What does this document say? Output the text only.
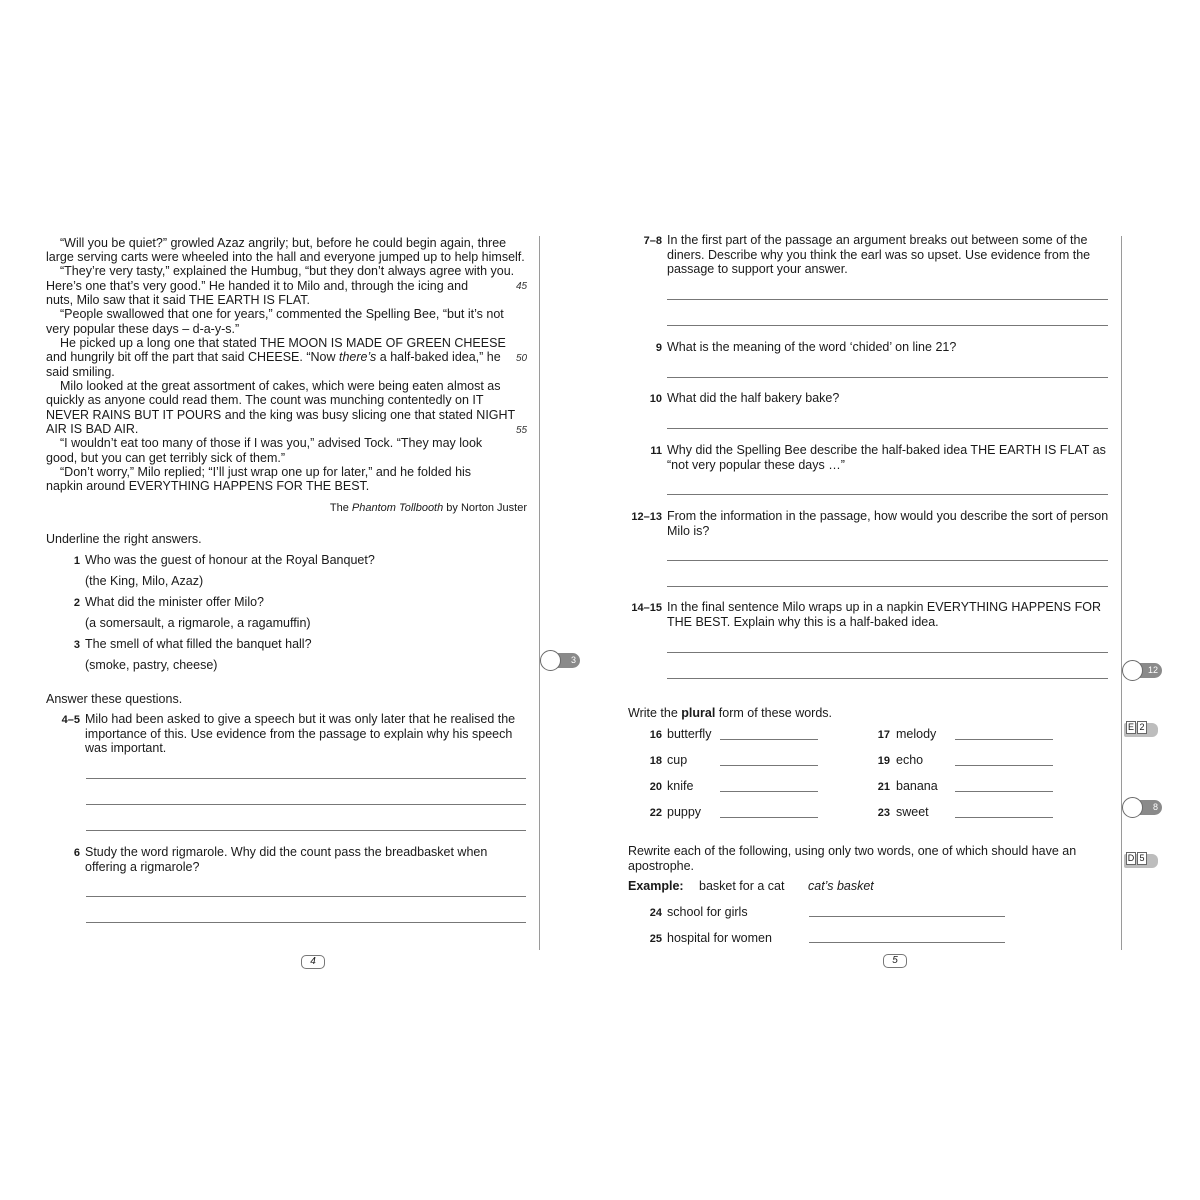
“Will you be quiet?” growled Azaz angrily; but, before he could begin again, three
large serving carts were wheeled into the hall and everyone jumped up to help himself.
“They’re very tasty,” explained the Humbug, “but they don’t always agree with you.
Here’s one that’s very good.” He handed it to Milo and, through the icing and
nuts, Milo saw that it said THE EARTH IS FLAT.
“People swallowed that one for years,” commented the Spelling Bee, “but it’s not
very popular these days – d-a-y-s.”
He picked up a long one that stated THE MOON IS MADE OF GREEN CHEESE
and hungrily bit off the part that said CHEESE. “Now there’s a half-baked idea,” he
said smiling.
Milo looked at the great assortment of cakes, which were being eaten almost as
quickly as anyone could read them. The count was munching contentedly on IT
NEVER RAINS BUT IT POURS and the king was busy slicing one that stated NIGHT
AIR IS BAD AIR.
“I wouldn’t eat too many of those if I was you,” advised Tock. “They may look
good, but you can get terribly sick of them.”
“Don’t worry,” Milo replied; “I’ll just wrap one up for later,” and he folded his
napkin around EVERYTHING HAPPENS FOR THE BEST.
45
50
55
The Phantom Tollbooth by Norton Juster
Underline the right answers.
1 Who was the guest of honour at the Royal Banquet?
(the King, Milo, Azaz)
2 What did the minister offer Milo?
(a somersault, a rigmarole, a ragamuffin)
3 The smell of what filled the banquet hall?
(smoke, pastry, cheese)
Answer these questions.
4–5 Milo had been asked to give a speech but it was only later that he realised the
importance of this. Use evidence from the passage to explain why his speech
was important.
6 Study the word rigmarole. Why did the count pass the breadbasket when
offering a rigmarole?
4
3
7–8 In the first part of the passage an argument breaks out between some of the
diners. Describe why you think the earl was so upset. Use evidence from the
passage to support your answer.
9 What is the meaning of the word ‘chided’ on line 21?
10 What did the half bakery bake?
11 Why did the Spelling Bee describe the half-baked idea THE EARTH IS FLAT as
“not very popular these days …”
12–13 From the information in the passage, how would you describe the sort of person
Milo is?
14–15 In the final sentence Milo wraps up in a napkin EVERYTHING HAPPENS FOR
THE BEST. Explain why this is a half-baked idea.
Write the plural form of these words.
16 butterfly	17 melody
18 cup	19 echo
20 knife	21 banana
22 puppy	23 sweet
Rewrite each of the following, using only two words, one of which should have an
apostrophe.
Example: basket for a cat cat’s basket
24 school for girls
25 hospital for women
5
12
E 2
8
D 5
